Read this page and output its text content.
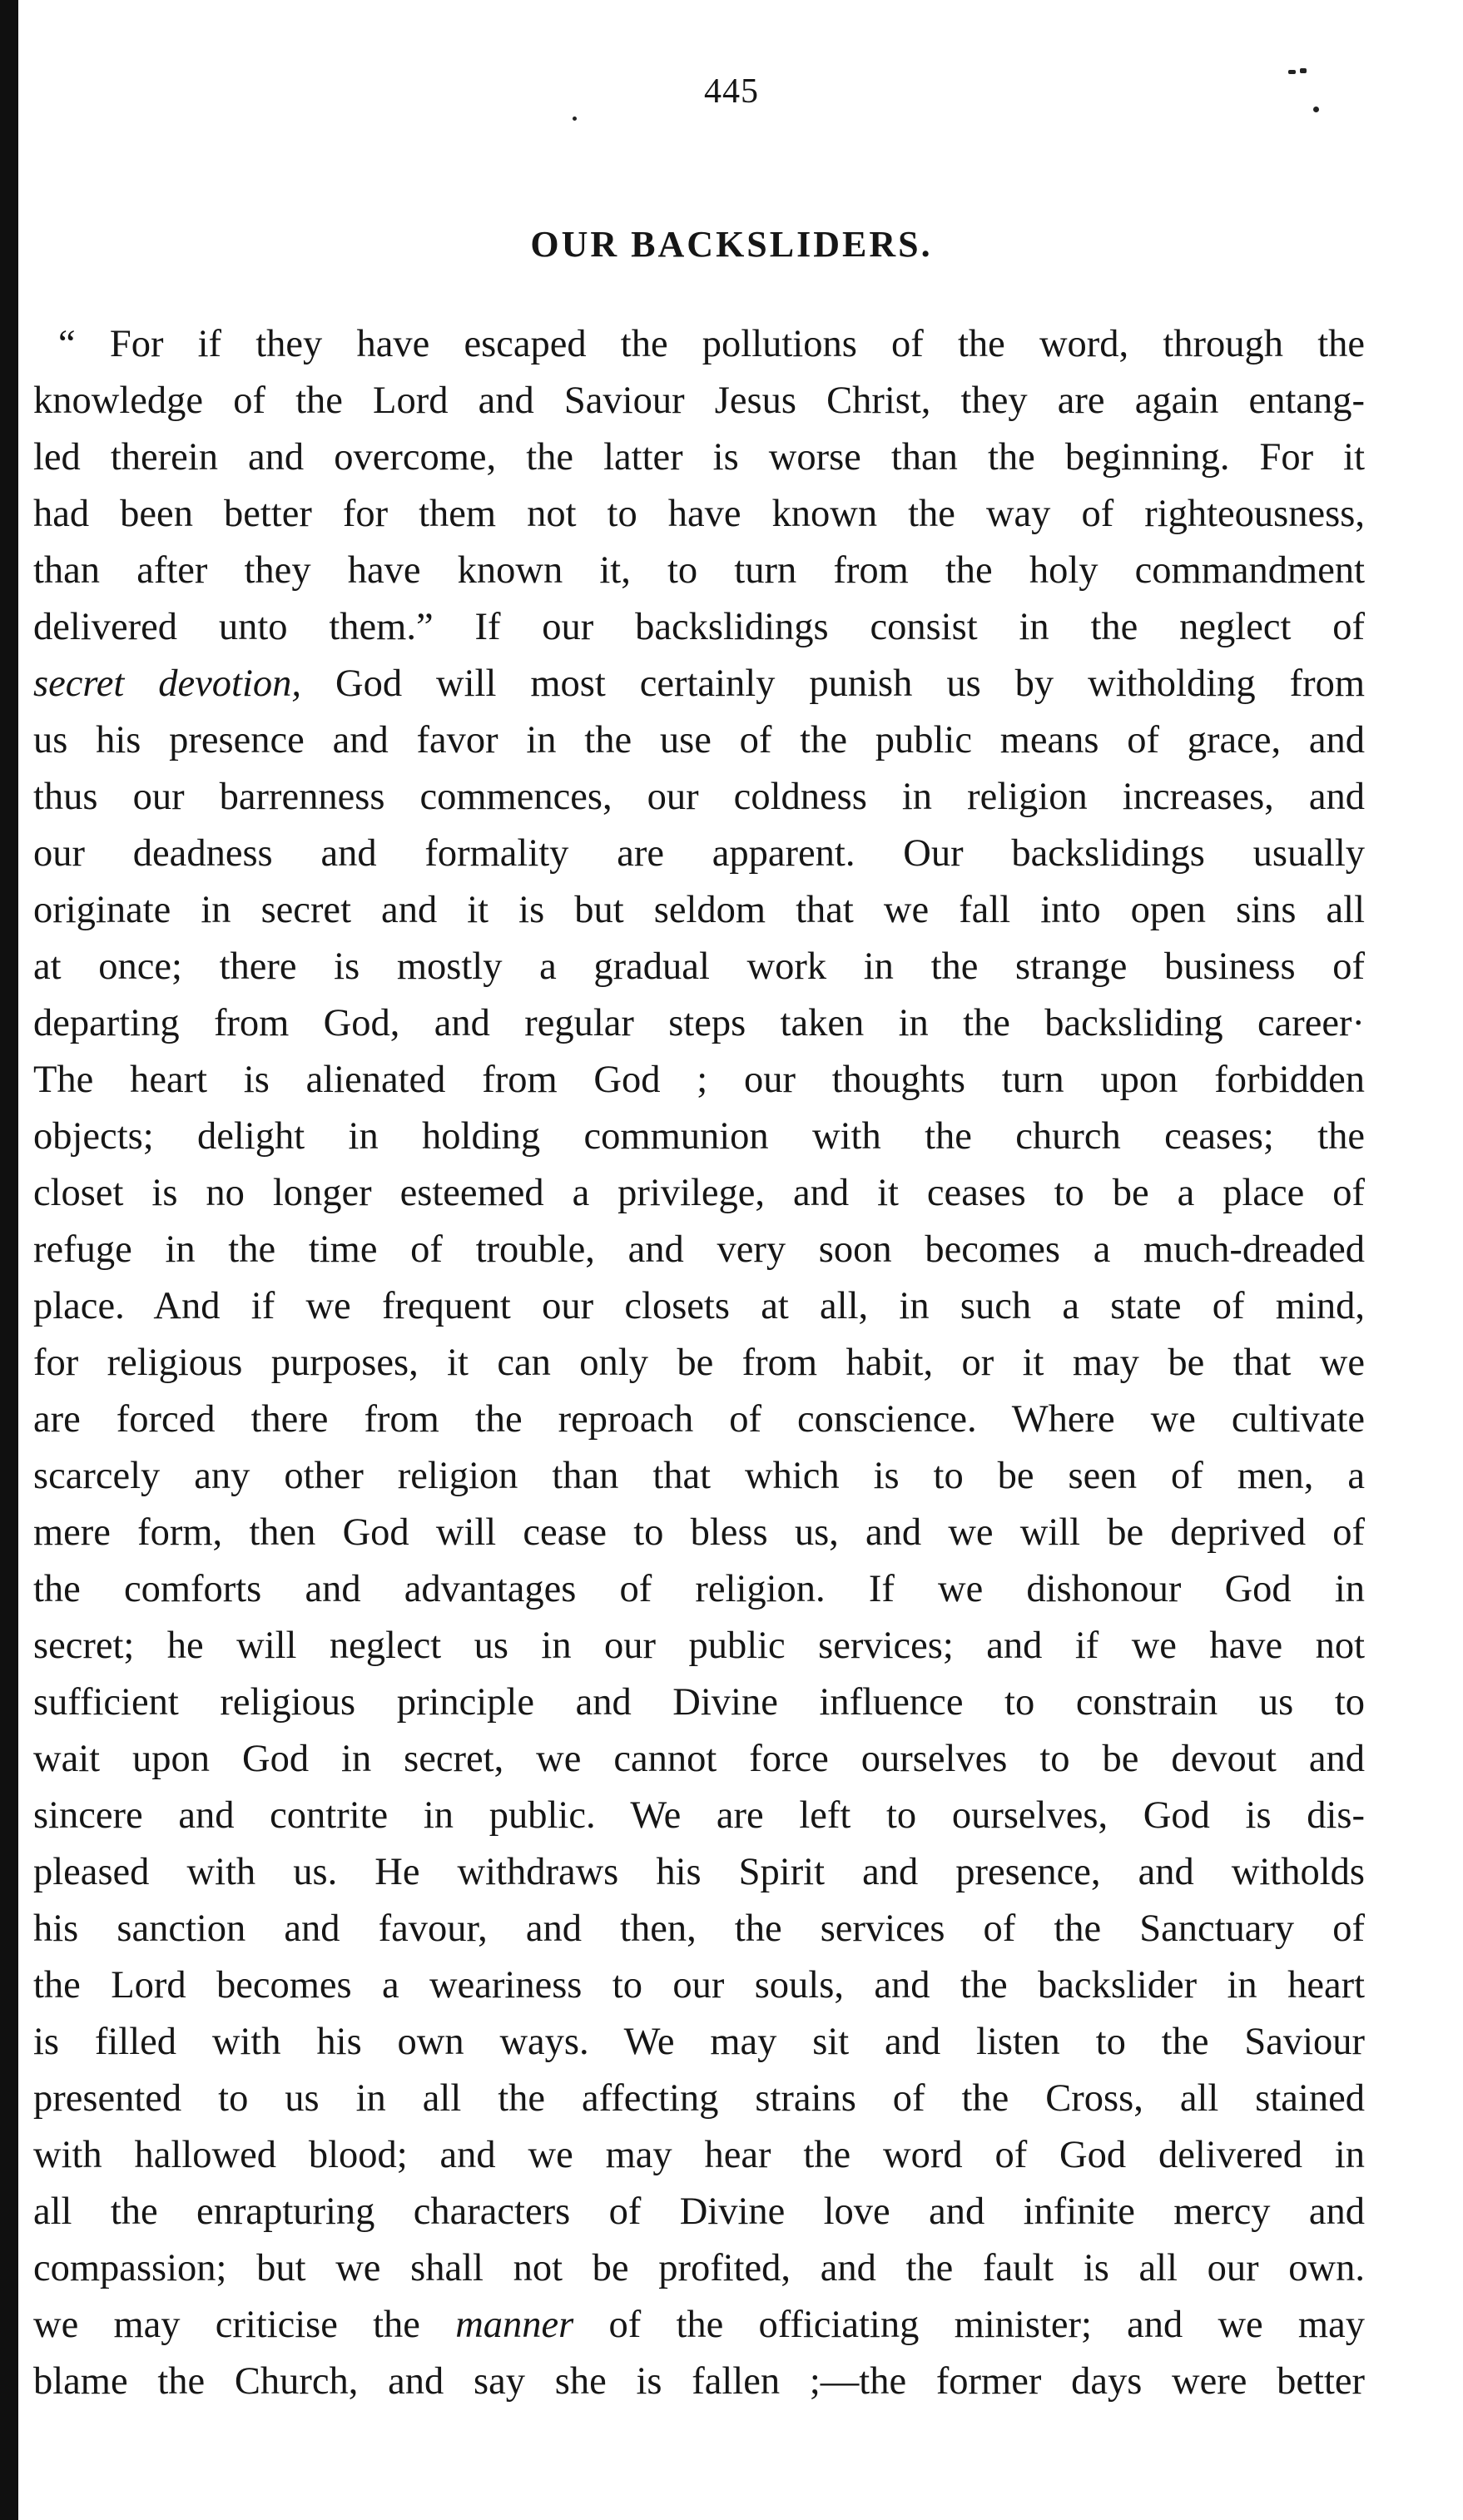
445
OUR BACKSLIDERS.
“ For if they have escaped the pollutions of the word, through the
knowledge of the Lord and Saviour Jesus Christ, they are again entang-
led therein and overcome, the latter is worse than the beginning. For it
had been better for them not to have known the way of righteousness,
than after they have known it, to turn from the holy commandment
delivered unto them.” If our backslidings consist in the neglect of
secret devotion, God will most certainly punish us by witholding from
us his presence and favor in the use of the public means of grace, and
thus our barrenness commences, our coldness in religion increases, and
our deadness and formality are apparent. Our backslidings usually
originate in secret and it is but seldom that we fall into open sins all
at once; there is mostly a gradual work in the strange business of
departing from God, and regular steps taken in the backsliding career·
The heart is alienated from God ; our thoughts turn upon forbidden
objects; delight in holding communion with the church ceases; the
closet is no longer esteemed a privilege, and it ceases to be a place of
refuge in the time of trouble, and very soon becomes a much-dreaded
place. And if we frequent our closets at all, in such a state of mind,
for religious purposes, it can only be from habit, or it may be that we
are forced there from the reproach of conscience. Where we cultivate
scarcely any other religion than that which is to be seen of men, a
mere form, then God will cease to bless us, and we will be deprived of
the comforts and advantages of religion. If we dishonour God in
secret; he will neglect us in our public services; and if we have not
sufficient religious principle and Divine influence to constrain us to
wait upon God in secret, we cannot force ourselves to be devout and
sincere and contrite in public. We are left to ourselves, God is dis-
pleased with us. He withdraws his Spirit and presence, and witholds
his sanction and favour, and then, the services of the Sanctuary of
the Lord becomes a weariness to our souls, and the backslider in heart
is filled with his own ways. We may sit and listen to the Saviour
presented to us in all the affecting strains of the Cross, all stained
with hallowed blood; and we may hear the word of God delivered in
all the enrapturing characters of Divine love and infinite mercy and
compassion; but we shall not be profited, and the fault is all our own.
we may criticise the manner of the officiating minister; and we may
blame the Church, and say she is fallen ;—the former days were better
